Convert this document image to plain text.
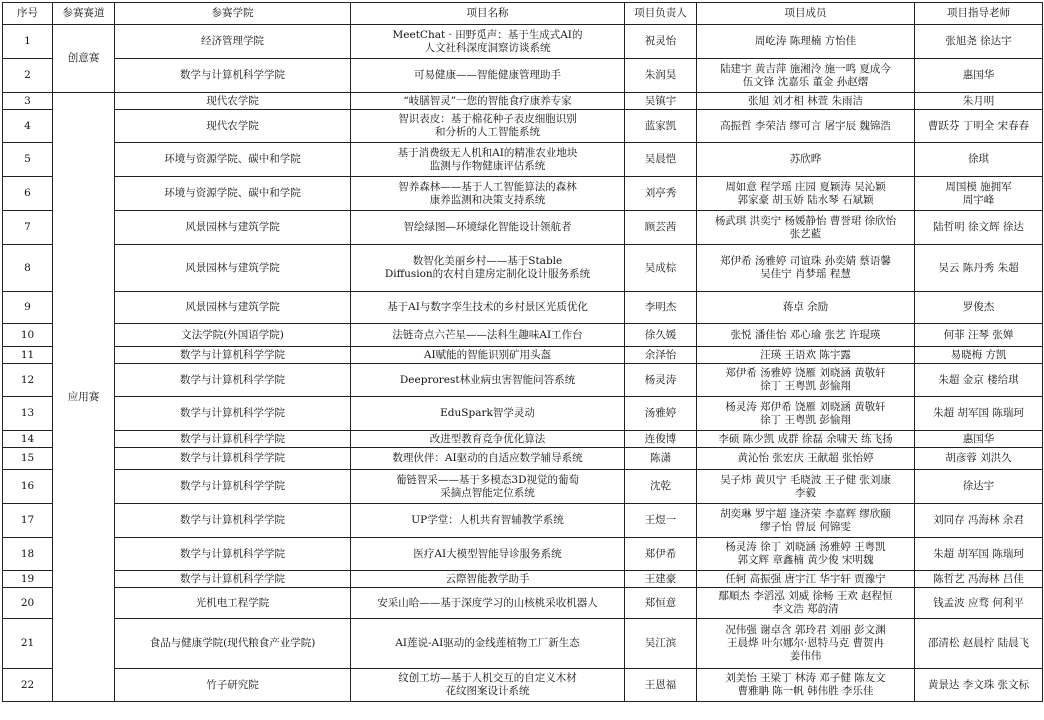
序号	参赛赛道	参赛学院	项目名称	项目负责人	项目成员	项目指导老师
1	创意赛	经济管理学院	MeetChat · 田野觅声：基于生成式AI的
人文社科深度洞察访谈系统	祝灵怡	周屹涛 陈理楠 方怡佳	张旭尧 徐达宇
2		数学与计算机科学学院	可易健康——智能健康管理助手	朱润昊	陆建宇 黄吉萍 施湘泠 施一鸣 夏成今
伍文锋 沈嘉乐 董金 孙赵熠	惠国华
3	应用赛	现代农学院	“岐膳智灵”一您的智能食疗康养专家	吴镇宇	张旭 刘才相 林萱 朱雨洁	朱月明
4		现代农学院	智识表皮：基于棉花种子表皮细胞识别
和分析的人工智能系统	蓝家凯	高振哲 李荣洁 缪可言 屠宇辰 魏锦浩	曹跃芬 丁明全 宋春春
5		环境与资源学院、碳中和学院	基于消费级无人机和AI的精准农业地块
监测与作物健康评估系统	吴晨恺	苏欣晔	徐琪
6		环境与资源学院、碳中和学院	智养森林——基于人工智能算法的森林
康养监测和决策支持系统	刘亭秀	周如意 程学瑶 庄园 夏颖涛 吴沁颖
郭家豪 胡玉娇 陆水琴 石斌颖	周国模 施拥军
周宇峰
7		风景园林与建筑学院	智绘绿图—环境绿化智能设计领航者	顾芸茜	杨武琪 洪奕宁 杨媛静怡 曹誉珺 徐欣怡
张艺藍	陆哲明 徐文辉 徐达
8		风景园林与建筑学院	数智化美丽乡村——基于Stable
Diffusion的农村自建房定制化设计服务系统	吴成棕	郑伊希 汤雅婷 司谊珠 孙奕婧 蔡语馨
吴佳宁 肖梦瑶 程慧	吴云 陈丹秀 朱超
9		风景园林与建筑学院	基于AI与数字孪生技术的乡村景区光质优化	李明杰	蒋卓 余励	罗俊杰
10		文法学院(外国语学院)	法链奇点六芒星——法科生趣味AI工作台	徐久媛	张悦 潘佳怡 邓心瑜 张艺 许琨瑛	何菲 汪琴 张婵
11		数学与计算机科学学院	AI赋能的智能识别矿用头盔	余泽怡	汪瑛 王语欢 陈宇露	易晓梅 方凯
12		数学与计算机科学学院	Deeprorest林业病虫害智能问答系统	杨灵涛	郑伊希 汤雅婷 饶雁 刘晓涵 黄敬轩
徐丁 王粤凯 彭愉翔	朱超 金京 楼给琪
13		数学与计算机科学学院	EduSpark智学灵动	汤雅婷	杨灵涛 郑伊希 饶雁 刘晓涵 黄敬轩
徐丁 王粤凯 彭愉翔	朱超 胡军国 陈瑞珂
14		数学与计算机科学学院	改进型教育竞争优化算法	连俊博	李硕 陈少凯 成群 徐磊 余啸天 练飞扬	惠国华
15		数学与计算机科学学院	数理伙伴：AI驱动的自适应数学辅导系统	陈潇	黄沁怡 张宏庆 王献超 张怡婷	胡彦蓉 刘洪久
16		数学与计算机科学学院	葡链智采——基于多模态3D视觉的葡萄
采摘点智能定位系统	沈乾	吴子炜 黄贝宁 毛晓波 王子健 张刘康
李毅	徐达宇
17		数学与计算机科学学院	UP学堂：人机共育智辅教学系统	王煜一	胡奕琳 罗宇超 逢济荣 李嘉辉 缪欣颐
缪子怡 曾辰 何锦雯	刘同存 冯海林 余君
18		数学与计算机科学学院	医疗AI大模型智能导诊服务系统	郑伊希	杨灵涛 徐丁 刘晓涵 汤雅婷 王粤凯
郭文辉 章鑫楠 黄少俊 宋明魏	朱超 胡军国 陈瑞珂
19		数学与计算机科学学院	云際智能教学助手	王建豪	任轲 高振强 唐宇江 华宇轩 贾豫宁	陈哲艺 冯海林 吕佳
20		光机电工程学院	安采山哈——基于深度学习的山核桃采收机器人	郑恒意	鄢順杰 李滔泓 刘威 徐畅 王欢 赵程恒
李文浩 郑韵清	钱孟波 应骛 何利平
21		食品与健康学院(现代粮食产业学院)	AI莲说-AI驱动的金线莲植物工厂新生态	吴江滨	况伟强 谢卓含 郭玲君 刘丽 彭文渊
王晨烨 叶尔娜尔·恩特马克 曹贺冉
姜伟伟	邵清松 赵晨柠 陆晨飞
22		竹子研究院	纹创工坊—基于人机交互的自定义木材
花纹图案设计系统	王恩福	刘美怡 王梁丁 林涛 邓子健 陈友文
曹雅聃 陈一帆 韩伟胜 李乐佳	黄景达 李文珠 张文标
